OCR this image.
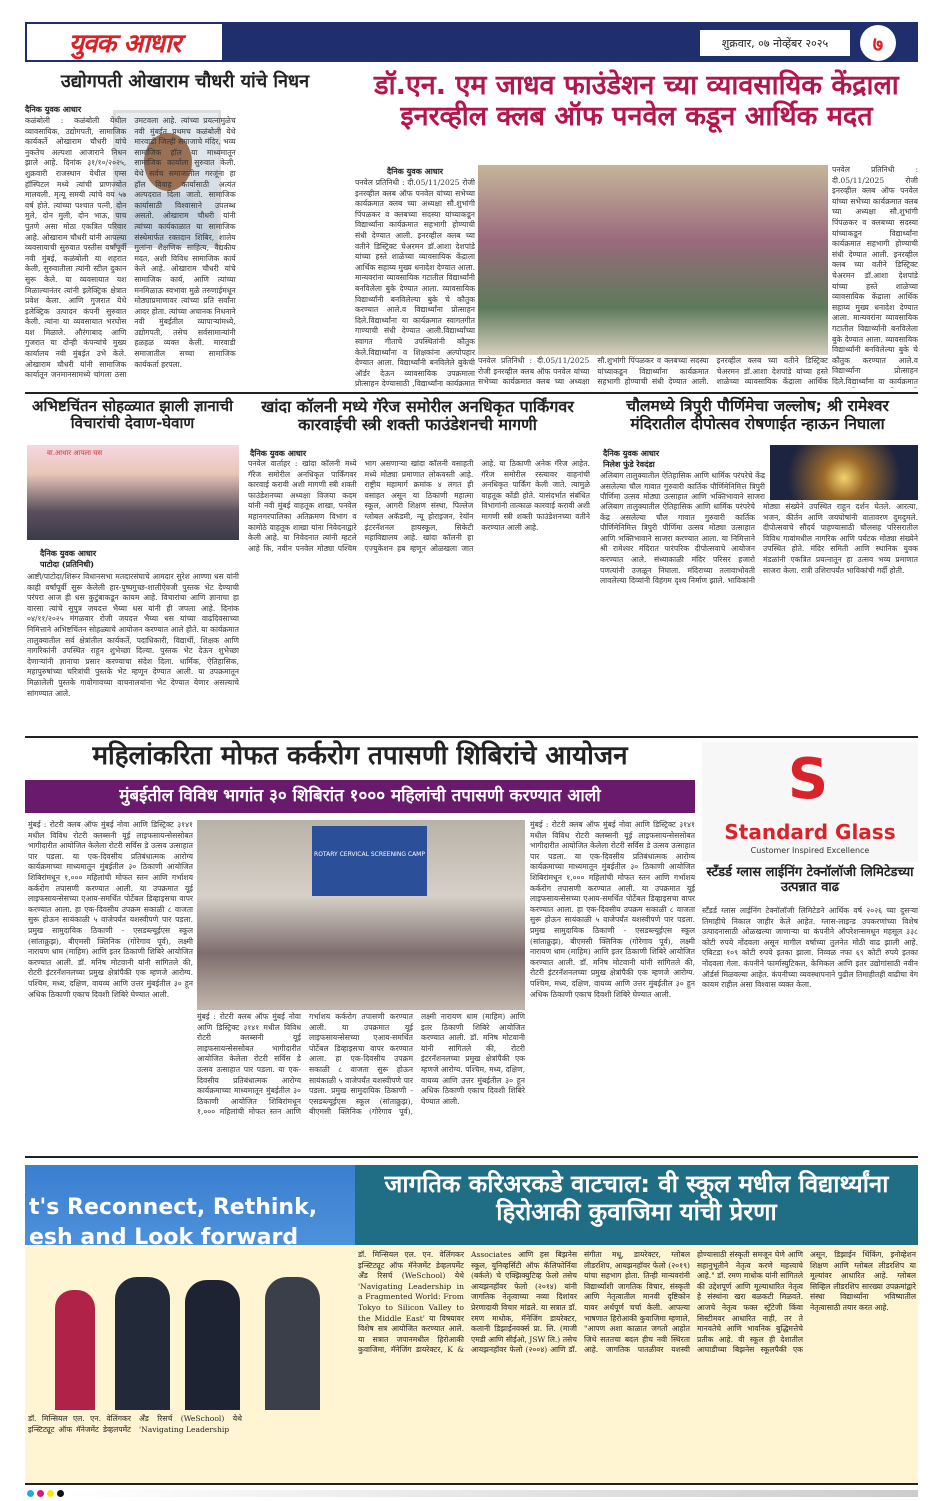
युवक आधार	शुक्रवार, ०७ नोव्हेंबर २०२५	७
उद्योगपती ओखाराम चौधरी यांचे निधन
दैनिक युवक आधार
कळंबोली : कळंबोली येथील व्यावसायिक, उद्योगपती, सामाजिक कार्यकर्ते ओखाराम चौधरी यांचे नुकतेच अल्पशा आजाराने निधन झाले आहे. दिनांक ३१/१०/२०२५, शुक्रवारी राजस्थान येथील एम्स हॉस्पिटल मध्ये त्यांची प्राणज्योत मालवली. मृत्यू समयी त्यांचे वय ५७ वर्ष होते. त्यांच्या पश्चात पत्नी, दोन मुले, दोन मुली, दोन भाऊ, पाच पुतणे असा मोठा एकत्रित परिवार आहे. ओखाराम चौधरी यांनी आपल्या व्यवसायाची सुरुवात पस्तीस वर्षांपूर्वी नवी मुंबई, कळंबोली या शहरात केली, सुरुवातीला त्यांनी स्टील दुकान सुरू केले. या व्यवसायात यश मिळाल्यानंतर त्यांनी इलेक्ट्रिक क्षेत्रात प्रवेश केला. आणि गुजरात येथे इलेक्ट्रिक उत्पादन कंपनी सुरुवात केली. त्यांना या व्यवसायात भरघोस यश मिळाले. औरंगाबाद आणि गुजरात या दोन्ही कंपन्यांचे मुख्य कार्यालय नवी मुंबईत उभे केले. ओखाराम चौधरी यांनी सामाजिक कार्यातून जनमानसामध्ये चांगला ठसा उमटवला आहे. त्यांच्या प्रयत्नामुळेच नवी मुंबईत प्रथमच कळंबोली येथे मारवाडी जिल्ही समाजाचे मंदिर, भव्य सामाजिक हॉल या माध्यमातून सामाजिक कार्याला सुरुवात केली. येथे सर्वच समाजातील गरजूंना हा हॉल विवाह कार्यासाठी अत्यंत अल्पदरात दिला जातो. सामाजिक कार्यासाठी विश्वासाने उपलब्ध असतो. ओखाराम चौधरी यांनी त्यांच्या कार्यकाळात या सामाजिक संस्थेमार्फत रक्तदान शिबिर, शालेय मुलांना शैक्षणिक साहित्य, वैद्यकीय मदत, अशी विविध सामाजिक कार्य केले आहे. ओखाराम चौधरी यांचे सामाजिक कार्य, आणि त्यांच्या मनमिळाऊ स्वभावा मुळे तरुणाईमधून मोठ्याप्रमाणावर त्यांच्या प्रति सर्वांना आदर होता. त्यांच्या अचानक निधनाने नवी मुंबईतील व्यापाऱ्यांमध्ये, उद्योगपती, तसेच सर्वसामान्यांनी हळहळ व्यक्त केली. मारवाडी समाजातील सच्चा सामाजिक कार्यकर्ता हरपला.
डॉ.एन. एम जाधव फाउंडेशन च्या व्यावसायिक केंद्राला इनरव्हील क्लब ऑफ पनवेल कडून आर्थिक मदत
दैनिक युवक आधार
पनवेल प्रतिनिधी : दी.05/11/2025 रोजी इनरव्हील क्लब ऑफ पनवेल यांच्या सभेच्या कार्यक्रमात क्लब च्या अध्यक्षा सौ.शुभांगी पिंपळकर व क्लबच्या सदस्या यांच्याकडून विद्यार्थ्यांना कार्यक्रमात सहभागी होण्याची संधी देण्यात आली. इनरव्हील क्लब च्या वतीने डिस्ट्रिक्ट चेअरमन डॉ.आशा देशपांडे यांच्या हस्ते शाळेच्या व्यावसायिक केंद्राला आर्थिक सहाय्य मुख्य धनादेश देण्यात आला. मान्यवरांना व्यावसायिक गटातील विद्यार्थ्यांनी बनविलेला बुके देण्यात आला. व्यावसायिक विद्यार्थ्यांनी बनविलेल्या बुके चे कौतुक करण्यात आले.व विद्यार्थ्यांना प्रोत्साहन दिले.विद्यार्थ्यांना या कार्यक्रमात स्वागतगीत गाण्याची संधी देण्यात आली.विद्यार्थ्यांच्या स्वागत गीताचे उपस्थितांनी कौतुक केले.विद्यार्थ्यांना व शिक्षकांना अल्पोपहार देण्यात आला. विद्यार्थ्यांनी बनविलेले बुकेची ऑर्डर देऊन व्यावसायिक उपक्रमाला प्रोत्साहन देण्यासाठी ,विद्यार्थ्यांना कार्यक्रमात
पनवेल प्रतिनिधी : दी.05/11/2025 रोजी इनरव्हील क्लब ऑफ पनवेल यांच्या सभेच्या कार्यक्रमात क्लब च्या अध्यक्षा सौ.शुभांगी पिंपळकर व क्लबच्या सदस्या यांच्याकडून विद्यार्थ्यांना कार्यक्रमात सहभागी होण्याची संधी देण्यात आली. इनरव्हील क्लब च्या वतीने डिस्ट्रिक्ट चेअरमन डॉ.आशा देशपांडे यांच्या हस्ते शाळेच्या व्यावसायिक केंद्राला आर्थिक
पनवेल प्रतिनिधी : दी.05/11/2025 रोजी इनरव्हील क्लब ऑफ पनवेल यांच्या सभेच्या कार्यक्रमात क्लब च्या अध्यक्षा सौ.शुभांगी पिंपळकर व क्लबच्या सदस्या यांच्याकडून विद्यार्थ्यांना कार्यक्रमात सहभागी होण्याची संधी देण्यात आली. इनरव्हील क्लब च्या वतीने डिस्ट्रिक्ट चेअरमन डॉ.आशा देशपांडे यांच्या हस्ते शाळेच्या व्यावसायिक केंद्राला आर्थिक सहाय्य मुख्य धनादेश देण्यात आला. मान्यवरांना व्यावसायिक गटातील विद्यार्थ्यांनी बनविलेला बुके देण्यात आला. व्यावसायिक विद्यार्थ्यांनी बनविलेल्या बुके चे कौतुक करण्यात आले.व विद्यार्थ्यांना प्रोत्साहन दिले.विद्यार्थ्यांना या कार्यक्रमात
अभिष्टचिंतन सोहळ्यात झाली ज्ञानाची विचारांची देवाण-घेवाण
वा.आधार आपला घस
दैनिक युवक आधार
पाटोदा (प्रतिनिधी)
आष्टी/पाटोदा/शिरूर विधानसभा मतदारसंघाचे आमदार सुरेश आण्णा धस यांनी काही वर्षांपूर्वी सुरू केलेली हार-पुष्पगुच्छ-शालीऐवजी पुस्तक भेट देण्याची परंपरा आज ही धस कुटुंबाकडून कायम आहे. विचारांचा आणि ज्ञानाचा हा वारसा त्यांचे सुपुत्र जयदत्त भैय्या धस यांनी ही जपला आहे. दिनांक ०४/११/२०२५ मंगळवार रोजी जयदत्त भैय्या धस यांच्या वाढदिवसाच्या निमित्ताने अभिष्टचिंतन सोहळ्याचे आयोजन करण्यात आले होते. या कार्यक्रमात तालुक्यातील सर्व क्षेत्रांतील कार्यकर्ते, पदाधिकारी, विद्यार्थी, शिक्षक आणि नागरिकांनी उपस्थित राहून शुभेच्छा दिल्या. पुस्तक भेट देऊन शुभेच्छा देणाऱ्यांनी ज्ञानाचा प्रसार करण्याचा संदेश दिला. धार्मिक, ऐतिहासिक, महापुरुषांच्या चरित्रांची पुस्तके भेट म्हणून देण्यात आली. या उपक्रमातून मिळालेली पुस्तके गावोगावच्या वाचनालयांना भेट देण्यात येणार असल्याचे सांगण्यात आले.
खांदा कॉलनी मध्ये गॅरेज समोरील अनधिकृत पार्किंगवर कारवाईची स्त्री शक्ती फाउंडेशनची मागणी
दैनिक युवक आधार
पनवेल वार्ताहर : खांदा कॉलनी मध्ये गॅरेज समोरील अनधिकृत पार्किंगवर कारवाई करावी अशी मागणी स्त्री शक्ती फाउंडेशनच्या अध्यक्षा विजया कदम यांनी नवी मुंबई वाहतूक शाखा, पनवेल महानगरपालिका अतिक्रमण विभाग व कामोठे वाहतूक शाखा यांना निवेदनाद्वारे केली आहे. या निवेदनात त्यांनी म्हटले आहे कि, नवीन पनवेल मोठ्या पश्चिम भाग असणाऱ्या खांदा कॉलनी वसाहती मध्ये मोठ्या प्रमाणात लोकवस्ती आहे. राष्ट्रीय महामार्ग क्रमांक ४ लगत ही वसाहत असून या ठिकाणी महात्मा स्कूल, आगरी शिक्षण संस्था, पिल्लेज ग्लोबल अकॅडमी, न्यू होराइजन, रेयॉन इंटरनॅशनल हायस्कूल, सिकेटी महाविद्यालय आहे. खांदा कॉलनी हा एज्युकेशन हब म्हणून ओळखला जात आहे. या ठिकाणी अनेक गॅरेज आहेत. गॅरेज समोरील रस्त्यावर वाहनांची अनधिकृत पार्किंग केली जाते. त्यामुळे वाहतूक कोंडी होते. यासंदर्भात संबंधित विभागांनी तात्काळ कारवाई करावी अशी मागणी स्त्री शक्ती फाउंडेशनच्या वतीने करण्यात आली आहे.
चौलमध्ये त्रिपुरी पौर्णिमेचा जल्लोष; श्री रामेश्वर मंदिरातील दीपोत्सव रोषणाईत न्हाऊन निघाला
दैनिक युवक आधार
निलेश फुंडे रेवदंडा
अलिबाग तालुक्यातील ऐतिहासिक आणि धार्मिक परंपरेचे केंद्र असलेल्या चौल गावात गुरुवारी कार्तिक पौर्णिमेनिमित्त त्रिपुरी पौर्णिमा उत्सव मोठ्या उत्साहात आणि भक्तिभावाने साजरा
अलिबाग तालुक्यातील ऐतिहासिक आणि धार्मिक परंपरेचे केंद्र असलेल्या चौल गावात गुरुवारी कार्तिक पौर्णिमेनिमित्त त्रिपुरी पौर्णिमा उत्सव मोठ्या उत्साहात आणि भक्तिभावाने साजरा करण्यात आला. या निमित्ताने श्री रामेश्वर मंदिरात पारंपरिक दीपोत्सवाचे आयोजन करण्यात आले. संध्याकाळी मंदिर परिसर हजारो पणत्यांनी उजळून निघाला. मंदिराच्या तलावाभोवती लावलेल्या दिव्यांनी विहंगम दृश्य निर्माण झाले. भाविकांनी मोठ्या संख्येने उपस्थित राहून दर्शन घेतले. आरत्या, भजन, कीर्तन आणि जयघोषांनी वातावरण दुमदुमले. दीपोत्सवाचे सौंदर्य पाहण्यासाठी चौलसह परिसरातील विविध गावांमधील नागरिक आणि पर्यटक मोठ्या संख्येने उपस्थित होते. मंदिर समिती आणि स्थानिक युवक मंडळांनी एकत्रित प्रयत्नातून हा उत्सव भव्य प्रमाणात साजरा केला. रात्री उशिरापर्यंत भाविकांची गर्दी होती.
महिलांकरिता मोफत कर्करोग तपासणी शिबिरांचे आयोजन
मुंबईतील विविध भागांत ३० शिबिरांत १००० महिलांची तपासणी करण्यात आली
मुंबई : रोटरी क्लब ऑफ मुंबई नोवा आणि डिस्ट्रिक्ट ३१४१ मधील विविध रोटरी क्लब्सनी यूई लाइफसायन्सेससोबत भागीदारीत आयोजित केलेला रोटरी सर्विस डे उत्सव उत्साहात पार पडला. या एक-दिवसीय प्रतिबंधात्मक आरोग्य कार्यक्रमाच्या माध्यमातून मुंबईतील ३० ठिकाणी आयोजित शिबिरांमधून १,००० महिलांची मोफत स्तन आणि गर्भाशय कर्करोग तपासणी करण्यात आली. या उपक्रमात यूई लाइफसायन्सेसच्या एआय-समर्थित पोर्टेबल डिव्हाइसचा वापर करण्यात आला. हा एक-दिवसीय उपक्रम सकाळी ८ वाजता सुरू होऊन सायंकाळी ५ वाजेपर्यंत यशस्वीपणे पार पडला. प्रमुख सामुदायिक ठिकाणी - एसडब्ल्यूईएस स्कूल (सांताक्रुझ), बीएमसी क्लिनिक (गोरेगाव पूर्व), लक्ष्मी नारायण धाम (माहिम) आणि इतर ठिकाणी शिबिरे आयोजित करण्यात आली. डॉ. मनिष मोटवानी यांनी सांगितले की, रोटरी इंटरनॅशनलच्या प्रमुख क्षेत्रांपैकी एक म्हणजे आरोग्य. पश्चिम, मध्य, दक्षिण, वायव्य आणि उत्तर मुंबईतील ३० हून अधिक ठिकाणी एकाच दिवशी शिबिरे घेण्यात आली.
ROTARY CERVICAL SCREENING CAMP
मुंबई : रोटरी क्लब ऑफ मुंबई नोवा आणि डिस्ट्रिक्ट ३१४१ मधील विविध रोटरी क्लब्सनी यूई लाइफसायन्सेससोबत भागीदारीत आयोजित केलेला रोटरी सर्विस डे उत्सव उत्साहात पार पडला. या एक-दिवसीय प्रतिबंधात्मक आरोग्य कार्यक्रमाच्या माध्यमातून मुंबईतील ३० ठिकाणी आयोजित शिबिरांमधून १,००० महिलांची मोफत स्तन आणि गर्भाशय कर्करोग तपासणी करण्यात आली. या उपक्रमात यूई लाइफसायन्सेसच्या एआय-समर्थित पोर्टेबल डिव्हाइसचा वापर करण्यात आला. हा एक-दिवसीय उपक्रम सकाळी ८ वाजता सुरू होऊन सायंकाळी ५ वाजेपर्यंत यशस्वीपणे पार पडला. प्रमुख सामुदायिक ठिकाणी - एसडब्ल्यूईएस स्कूल (सांताक्रुझ), बीएमसी क्लिनिक (गोरेगाव पूर्व), लक्ष्मी नारायण धाम (माहिम) आणि इतर ठिकाणी शिबिरे आयोजित करण्यात आली. डॉ. मनिष मोटवानी यांनी सांगितले की, रोटरी इंटरनॅशनलच्या प्रमुख क्षेत्रांपैकी एक म्हणजे आरोग्य. पश्चिम, मध्य, दक्षिण, वायव्य आणि उत्तर मुंबईतील ३० हून अधिक ठिकाणी एकाच दिवशी शिबिरे घेण्यात आली.
मुंबई : रोटरी क्लब ऑफ मुंबई नोवा आणि डिस्ट्रिक्ट ३१४१ मधील विविध रोटरी क्लब्सनी यूई लाइफसायन्सेससोबत भागीदारीत आयोजित केलेला रोटरी सर्विस डे उत्सव उत्साहात पार पडला. या एक-दिवसीय प्रतिबंधात्मक आरोग्य कार्यक्रमाच्या माध्यमातून मुंबईतील ३० ठिकाणी आयोजित शिबिरांमधून १,००० महिलांची मोफत स्तन आणि गर्भाशय कर्करोग तपासणी करण्यात आली. या उपक्रमात यूई लाइफसायन्सेसच्या एआय-समर्थित पोर्टेबल डिव्हाइसचा वापर करण्यात आला. हा एक-दिवसीय उपक्रम सकाळी ८ वाजता सुरू होऊन सायंकाळी ५ वाजेपर्यंत यशस्वीपणे पार पडला. प्रमुख सामुदायिक ठिकाणी - एसडब्ल्यूईएस स्कूल (सांताक्रुझ), बीएमसी क्लिनिक (गोरेगाव पूर्व), लक्ष्मी नारायण धाम (माहिम) आणि इतर ठिकाणी शिबिरे आयोजित करण्यात आली. डॉ. मनिष मोटवानी यांनी सांगितले की, रोटरी इंटरनॅशनलच्या प्रमुख क्षेत्रांपैकी एक म्हणजे आरोग्य. पश्चिम, मध्य, दक्षिण, वायव्य आणि उत्तर मुंबईतील ३० हून अधिक ठिकाणी एकाच दिवशी शिबिरे घेण्यात आली.
S
Standard Glass
Customer Inspired Excellence
स्टॅंडर्ड ग्लास लाईनिंग टेक्नॉलॉजी लिमिटेडच्या उत्पन्नात वाढ
स्टॅंडर्ड ग्लास लाईनिंग टेक्नॉलॉजी लिमिटेडने आर्थिक वर्ष २०२६ च्या दुसऱ्या तिमाहीचे निकाल जाहीर केले आहेत. ग्लास-लाइन्ड उपकरणांच्या विशेष उत्पादनासाठी ओळखल्या जाणाऱ्या या कंपनीने ऑपरेशन्समधून महसूल ३३८ कोटी रुपये नोंदवला असून मागील वर्षाच्या तुलनेत मोठी वाढ झाली आहे. एबिटडा १०९ कोटी रुपये इतका झाला. निव्वळ नफा ६९ कोटी रुपये इतका नोंदवला गेला. कंपनीने फार्मास्युटिकल, केमिकल आणि इतर उद्योगांसाठी नवीन ऑर्डर्स मिळवल्या आहेत. कंपनीच्या व्यवस्थापनाने पुढील तिमाहीतही वाढीचा वेग कायम राहील असा विश्वास व्यक्त केला.
t's Reconnect, Rethink, esh and Look forward
जागतिक करिअरकडे वाटचाल: वी स्कूल मधील विद्यार्थ्यांना हिरोआकी कुवाजिमा यांची प्रेरणा
डॉ. मिन्सियल एल. एन. वेलिंगकर इन्स्टिट्यूट ऑफ मॅनेजमेंट डेव्हलपमेंट अँड रिसर्च (WeSchool) येथे 'Navigating Leadership
डॉ. मिन्सियल एल. एन. वेलिंगकर इन्स्टिट्यूट ऑफ मॅनेजमेंट डेव्हलपमेंट अँड रिसर्च (WeSchool) येथे 'Navigating Leadership in a Fragmented World: From Tokyo to Silicon Valley to the Middle East' या विषयावर विशेष सत्र आयोजित करण्यात आले. या सत्रात जपानमधील हिरोआकी कुवाजिमा, मॅनेजिंग डायरेक्टर, K & Associates आणि हस बिझनेस स्कूल, युनिव्हर्सिटी ऑफ कॅलिफोर्निया (बर्कले) चे एक्झिक्युटिव्ह फेलो तसेच आयझनहॉवर फेलो (२०१४) यांनी जागतिक नेतृत्वाच्या नव्या दिशांवर प्रेरणादायी विचार मांडले. या सत्रात डॉ. रमण माधोक, मॅनेजिंग डायरेक्टर, कलानी डिझाईनवर्क्स प्रा. लि. (माजी एमडी आणि सीईओ, JSW लि.) तसेच आयझनहॉवर फेलो (२००४) आणि डॉ. संगीता मधू, डायरेक्टर, ग्लोबल लीडरशिप, आयझनहॉवर फेलो (२०१९) यांचा सहभाग होता. तिन्ही मान्यवरांनी विद्यार्थ्यांशी जागतिक विचार, संस्कृती आणि नेतृत्वातील मानवी दृष्टिकोन यावर अर्थपूर्ण चर्चा केली. आपल्या भाषणात हिरोआकी कुवाजिमा म्हणाले, "आपण अशा काळात जगतो आहोत जिथे सततचा बदल हीच नवी स्थिरता आहे. जागतिक पातळीवर यशस्वी होण्यासाठी संस्कृती समजून घेणे आणि सहानुभूतीने नेतृत्व करणे महत्त्वाचे आहे." डॉ. रमण माधोक यांनी सांगितले की उद्देशपूर्ण आणि मूल्याधारित नेतृत्व हे संस्थांना खरा बळकटी मिळवते. आजचे नेतृत्व फक्त स्ट्रॅटेजी किंवा सिस्टीमवर आधारित नाही, तर ते मानवतेचे आणि भावनिक बुद्धिमत्तेचे प्रतीक आहे. वी स्कूल ही देशातील आघाडीच्या बिझनेस स्कूलपैकी एक असून, डिझाईन थिंकिंग, इनोव्हेशन शिक्षण आणि ग्लोबल लीडरशिप या मूल्यांवर आधारित आहे. ग्लोबल सिव्हिल लीडरशिप सारख्या उपक्रमांद्वारे संस्था विद्यार्थ्यांना भविष्यातील नेतृत्वासाठी तयार करत आहे.
